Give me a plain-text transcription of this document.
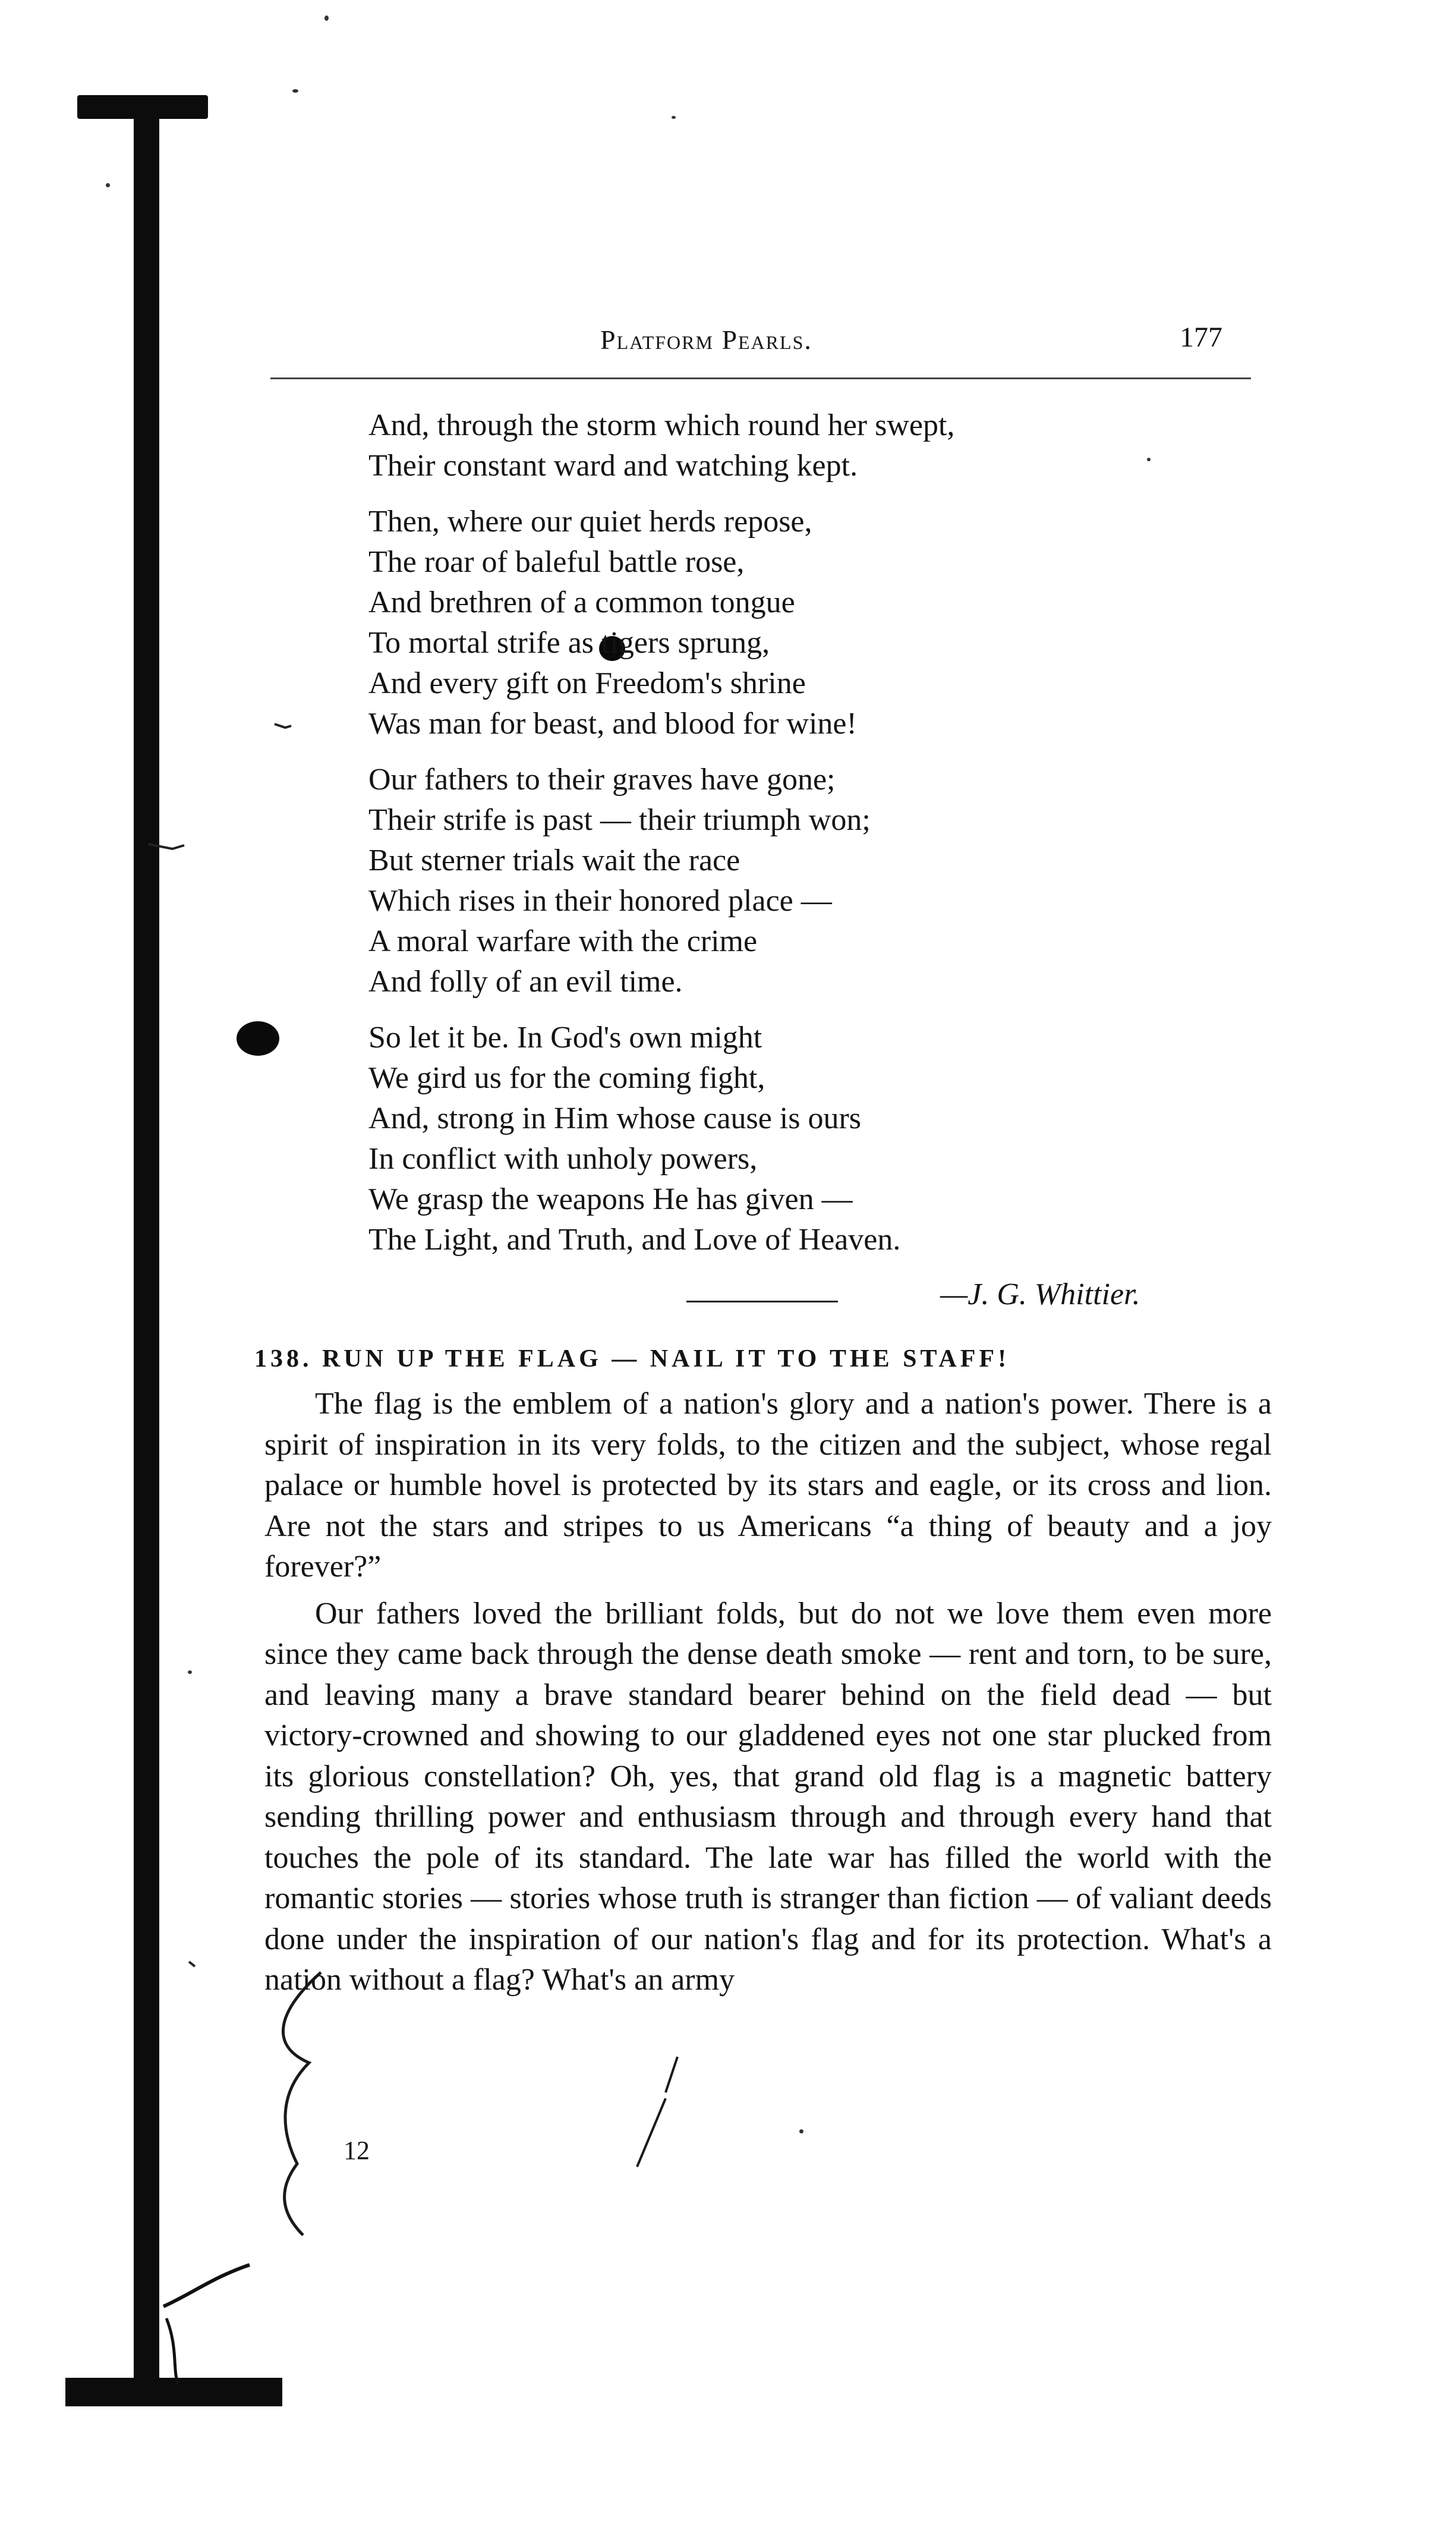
Platform Pearls.	177
And, through the storm which round her swept,
Their constant ward and watching kept.
Then, where our quiet herds repose,
The roar of baleful battle rose,
And brethren of a common tongue
To mortal strife as tigers sprung,
And every gift on Freedom's shrine
Was man for beast, and blood for wine!
Our fathers to their graves have gone;
Their strife is past — their triumph won;
But sterner trials wait the race
Which rises in their honored place —
A moral warfare with the crime
And folly of an evil time.
So let it be. In God's own might
We gird us for the coming fight,
And, strong in Him whose cause is ours
In conflict with unholy powers,
We grasp the weapons He has given —
The Light, and Truth, and Love of Heaven.
—J. G. Whittier.
138. RUN UP THE FLAG — NAIL IT TO THE STAFF!

The flag is the emblem of a nation's glory and a nation's power. There is a spirit of inspiration in its very folds, to the citizen and the subject, whose regal palace or humble hovel is protected by its stars and eagle, or its cross and lion. Are not the stars and stripes to us Americans “a thing of beauty and a joy forever?”

Our fathers loved the brilliant folds, but do not we love them even more since they came back through the dense death smoke — rent and torn, to be sure, and leaving many a brave standard bearer behind on the field dead — but victory-crowned and showing to our gladdened eyes not one star plucked from its glorious constellation? Oh, yes, that grand old flag is a magnetic battery sending thrilling power and enthusiasm through and through every hand that touches the pole of its standard. The late war has filled the world with the romantic stories — stories whose truth is stranger than fiction — of valiant deeds done under the inspiration of our nation's flag and for its protection. What's a nation without a flag? What's an army

12
